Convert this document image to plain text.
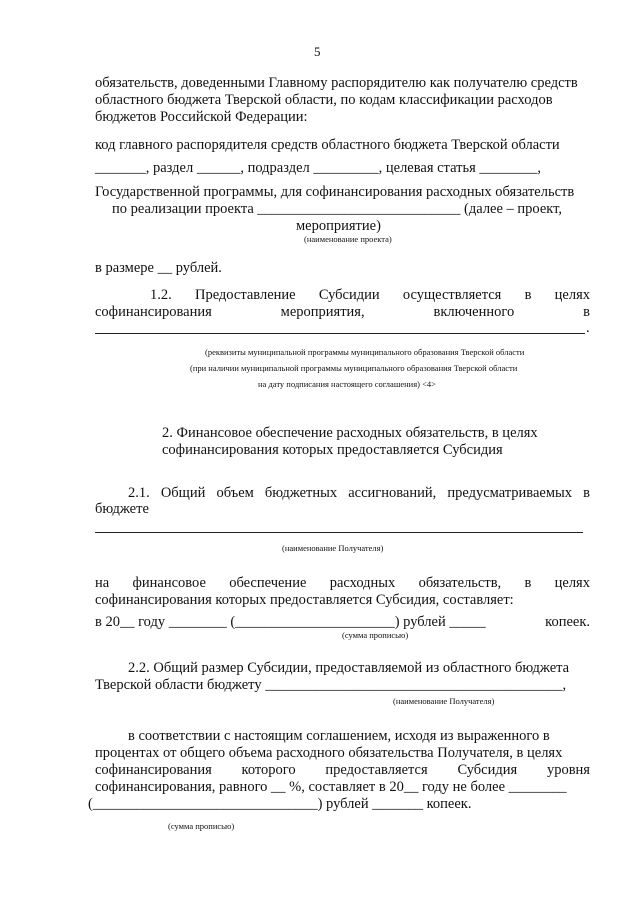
5
обязательств, доведенными Главному распорядителю как получателю средств
областного бюджета Тверской области, по кодам классификации расходов
бюджетов Российской Федерации:
код главного распорядителя средств областного бюджета Тверской области
_______, раздел ______, подраздел _________, целевая статья ________,
Государственной программы, для софинансирования расходных обязательств
по реализации проекта ____________________________ (далее – проект,
мероприятие)
(наименование проекта)
в размере __ рублей.
1.2. Предоставление Субсидии осуществляется в целях
софинансирования	мероприятия,	включенного	в
.
(реквизиты муниципальной программы муниципального образования Тверской области
(при наличии муниципальной программы муниципального образования Тверской области
на дату подписания настоящего соглашения) <4>
2. Финансовое обеспечение расходных обязательств, в целях
софинансирования которых предоставляется Субсидия
2.1. Общий объем бюджетных ассигнований, предусматриваемых в
бюджете
(наименование Получателя)
на финансовое обеспечение расходных обязательств, в целях
софинансирования которых предоставляется Субсидия, составляет:
в 20__ году ________ (______________________) рублей _____	копеек.
(сумма прописью)
2.2. Общий размер Субсидии, предоставляемой из областного бюджета
Тверской области бюджету _________________________________________,
(наименование Получателя)
в соответствии с настоящим соглашением, исходя из выраженного в
процентах от общего объема расходного обязательства Получателя, в целях
софинансирования которого предоставляется Субсидия уровня
софинансирования, равного __ %, составляет в 20__ году не более ________
(_______________________________) рублей _______ копеек.
(сумма прописью)
